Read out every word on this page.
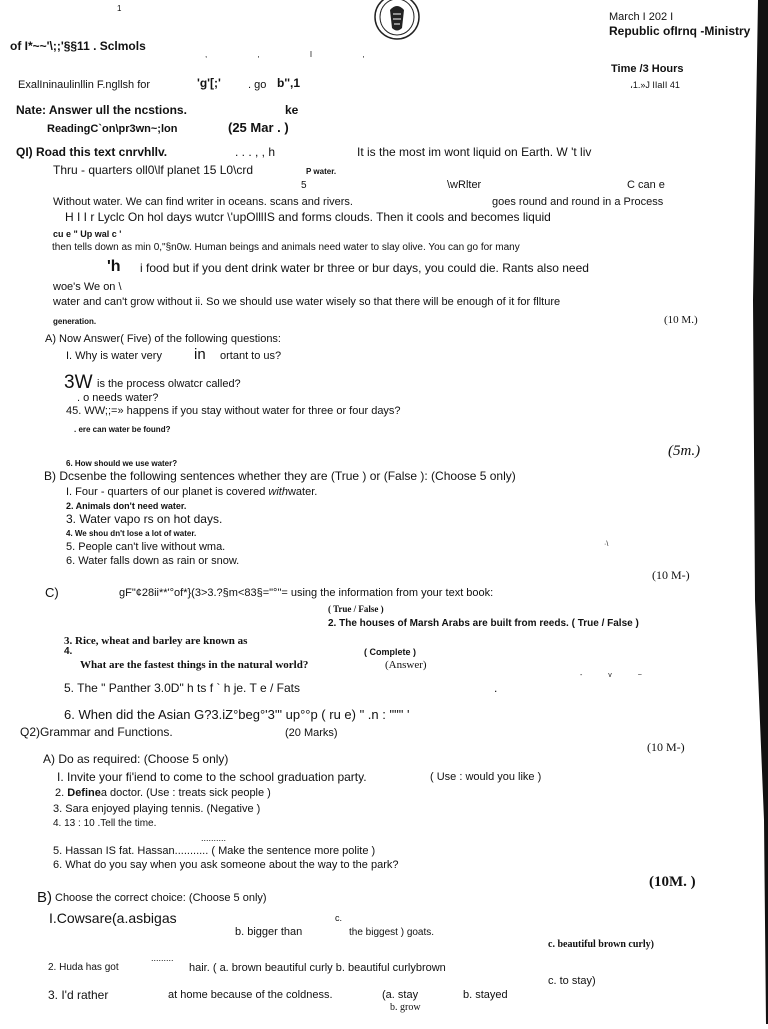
1
March I 202 I
Republic ofIrnq -Ministry
of I*~~'\;;'§§11 . Sclmols
, , I ,
Time /3 Hours
ExalIninaulinllin F.ngllsh for	'g'[;' . go b'',1	،1.»J IIaII 41
Nate: Answer ull the ncstions.	ke
ReadingC`on\pr3wn~;lon	(25 Mar . )
QI) Road this text cnrvhllv.	. . . , , h	It is the most im wont liquid on Earth. W 't liv
Thru - quarters oll0\lf planet 15 L0\crd	P water.
5	\wRlter	C can e
Without water. We can find writer in oceans. scans and rivers.	goes round and round in a Process
H I I r Lyclc On hol days wutcr \'upOlllIS and forms clouds. Then it cools and becomes liquid
cu e " Up wal c '
then tells down as min 0,"§n0w. Human beings and animals need water to slay olive. You can go for many
'h i food but if you dent drink water br three or bur days, you could die. Rants also need
woe's We on \
water and can't grow without ii. So we should use water wisely so that there will be enough of it for fllture
generation.	(10 M.)
A) Now Answer( Five) of the following questions:
I. Why is water very in ortant to us?
3W is the process olwatcr called?
. o needs water?
45. WW;;=» happens if you stay without water for three or four days?
. ere can water be found?
(5m.)
6. How should we use water?
B) Dcsenbe the following sentences whether they are (True ) or (False ): (Choose 5 only)
I. Four - quarters of our planet is covered withwater.
2. Animals don't need water.
3. Water vapo rs on hot days.
4. We shou dn't lose a lot of water.
5. People can't live without wma.	·\
6. Water falls down as rain or snow.
(10 M-)
C)	gF"¢28ii**'°of*}(3>3.?§m<83§="°"= using the information from your text book:
( True / False )
2. The houses of Marsh Arabs are built from reeds. ( True / False )
3. Rice, wheat and barley are known as
4.	( Complete )
What are the fastest things in the natural world?	(Answer)
- v ~
5. The " Panther 3.0D" h ts f ` h je. T e / Fats	.
6. When did the Asian G?3.iZ°beg°'3'" up°°p ( ru e) " .n : """ '
Q2)Grammar and Functions.	(20 Marks)
(10 M-)
A) Do as required: (Choose 5 only)
I. Invite your fi'iend to come to the school graduation party.	( Use : would you like )
2. Definea doctor. (Use : treats sick people )
3. Sara enjoyed playing tennis. (Negative )
4. 13 : 10 .Tell the time.
..........
5. Hassan IS fat. Hassan........... ( Make the sentence more polite )
6. What do you say when you ask someone about the way to the park?
(10M. )
B) Choose the correct choice: (Choose 5 only)
I.Cowsare(a.asbigas	c.
b. bigger than	the biggest ) goats.
c. beautiful brown curly)
.........
2. Huda has got	hair. ( a. brown beautiful curly b. beautiful curlybrown
c. to stay)
3. I'd rather	at home because of the coldness.	(a. stay	b. stayed
b. grow
